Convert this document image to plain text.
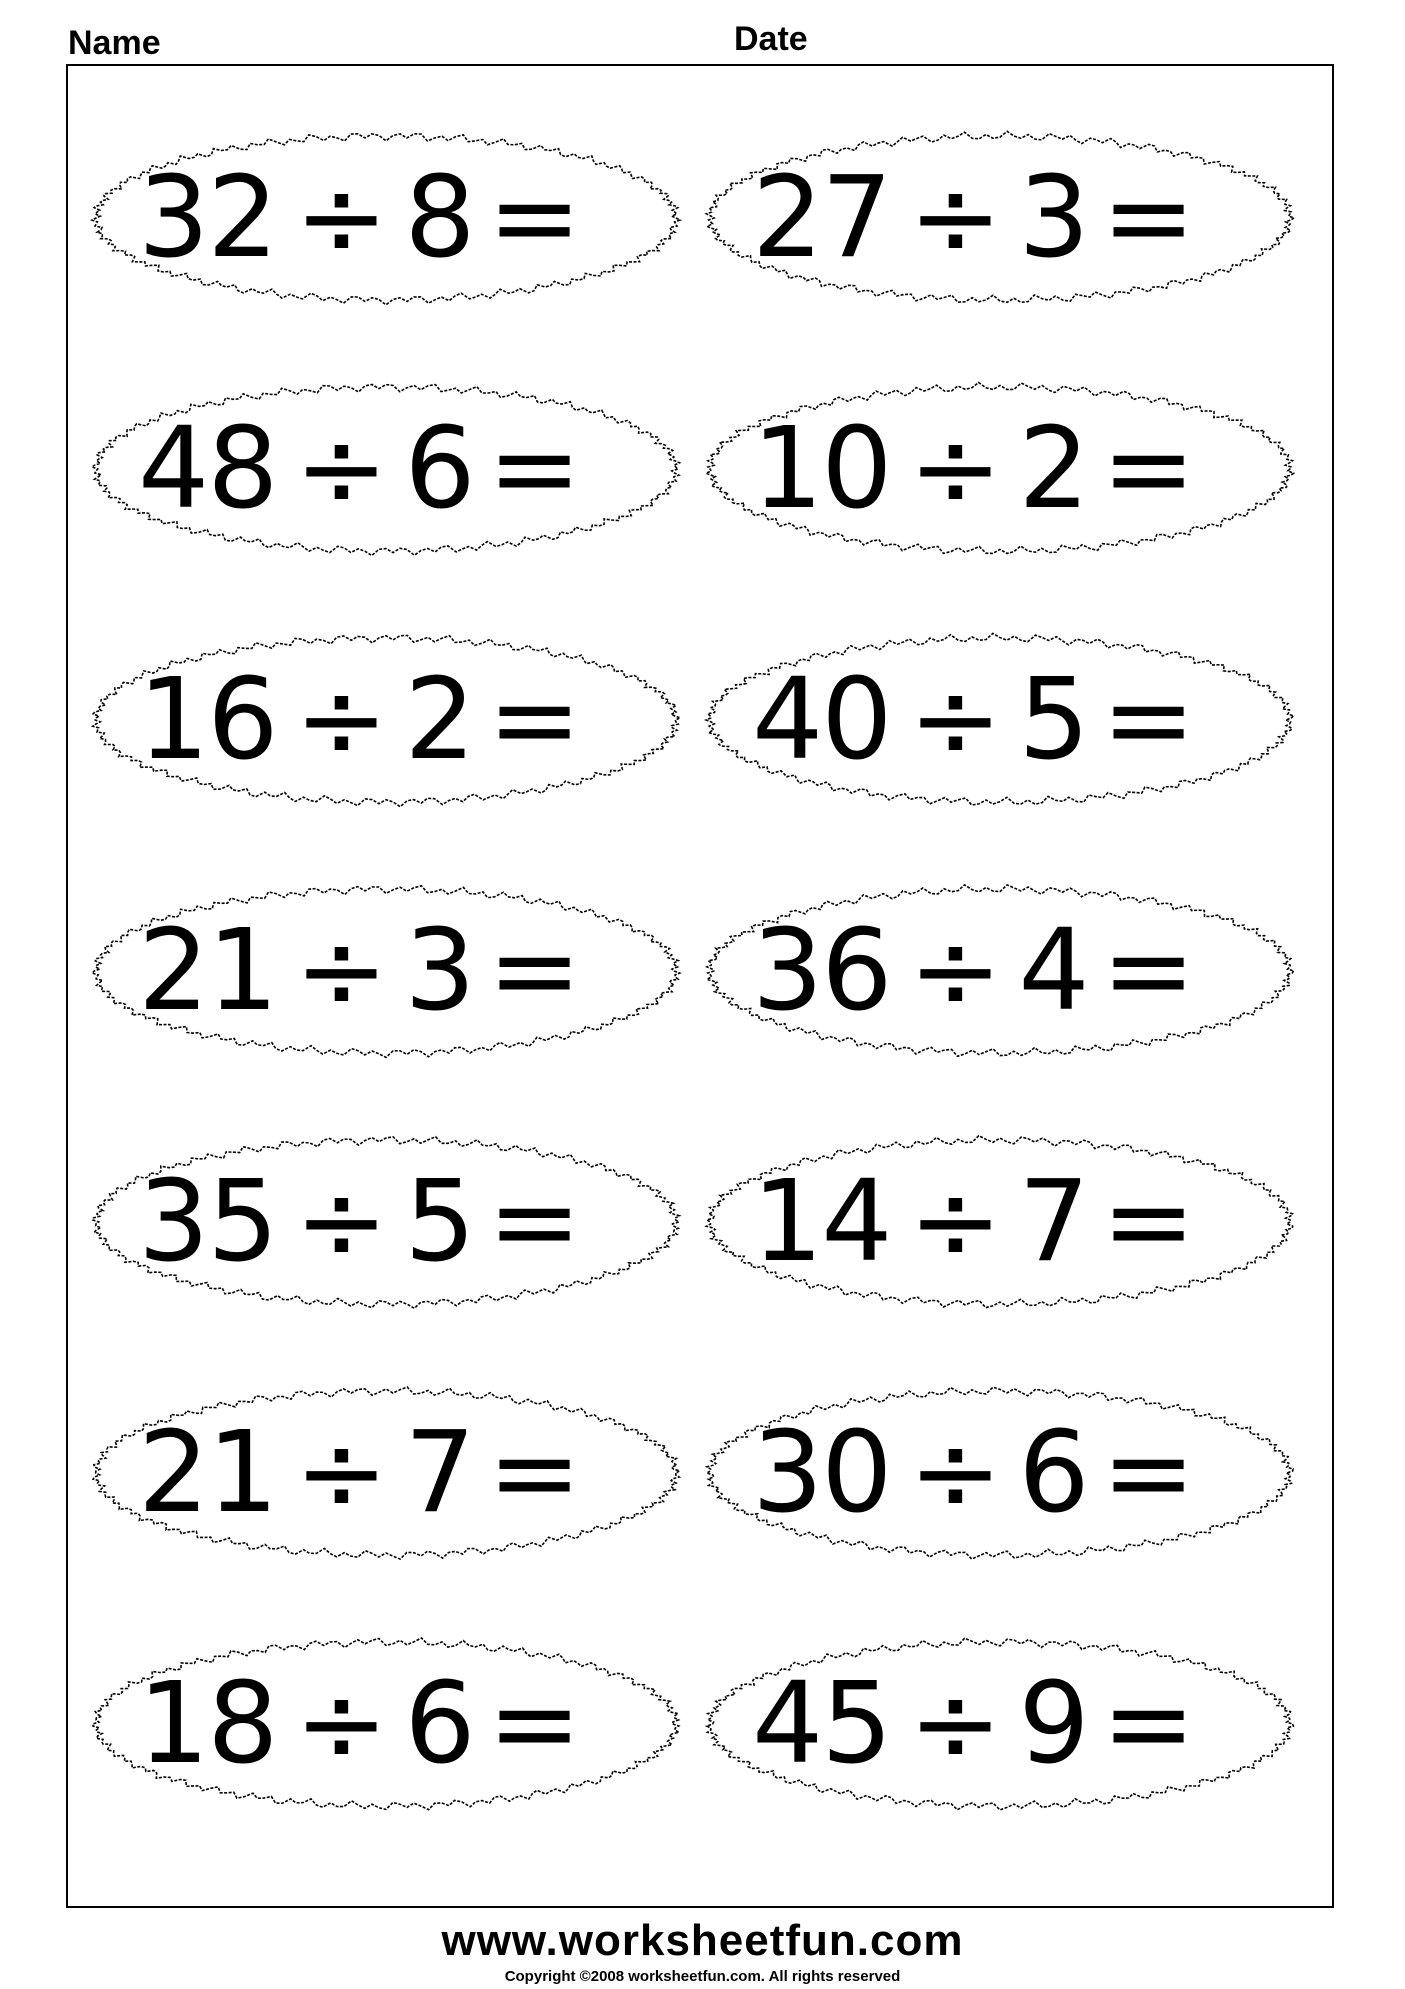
Name	Date
32 ÷ 8 = 27 ÷ 3 =
48 ÷ 6 = 10 ÷ 2 =
16 ÷ 2 = 40 ÷ 5 =
21 ÷ 3 = 36 ÷ 4 =
35 ÷ 5 = 14 ÷ 7 =
21 ÷ 7 = 30 ÷ 6 =
18 ÷ 6 = 45 ÷ 9 =
www.worksheetfun.com
Copyright ©2008 worksheetfun.com. All rights reserved
